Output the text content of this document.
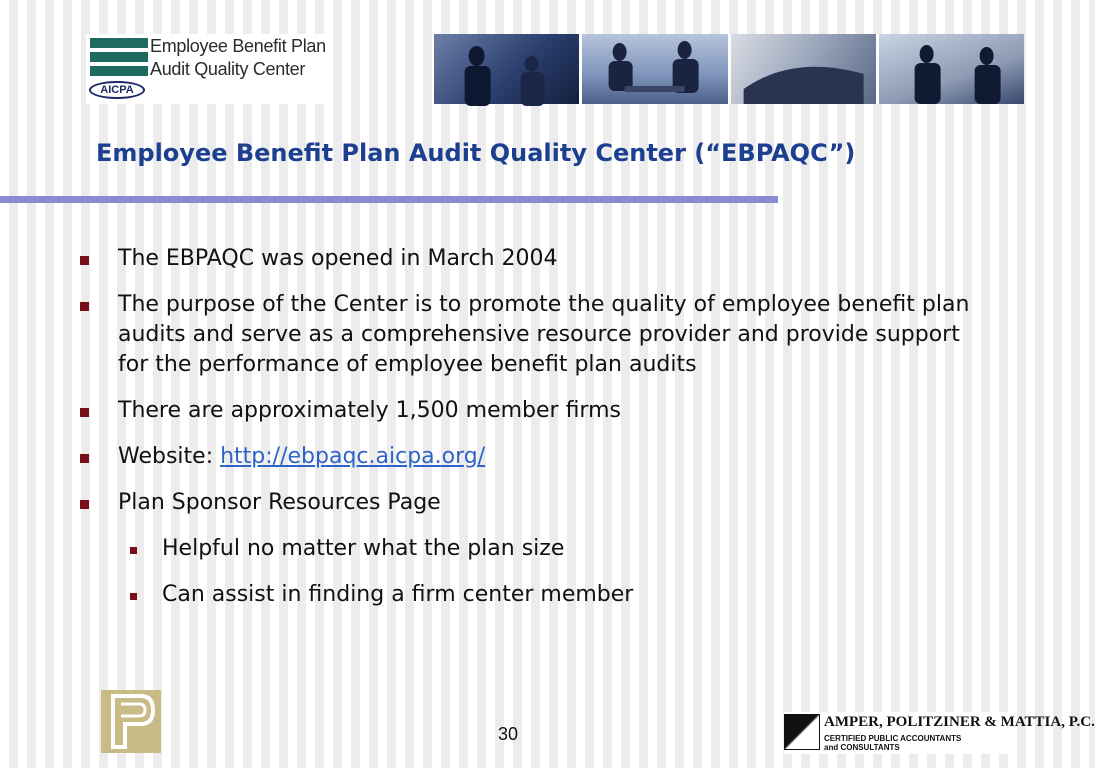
AICPA
Employee Benefit Plan
Audit Quality Center
Employee Benefit Plan Audit Quality Center (“EBPAQC”)
The EBPAQC was opened in March 2004
The purpose of the Center is to promote the quality of employee benefit plan audits and serve as a comprehensive resource provider and provide support for the performance of employee benefit plan audits
There are approximately 1,500 member firms
Website: http://ebpaqc.aicpa.org/
Plan Sponsor Resources Page
Helpful no matter what the plan size
Can assist in finding a firm center member
30
AMPER, POLITZINER & MATTIA, P.C.
CERTIFIED PUBLIC ACCOUNTANTS
and CONSULTANTS
